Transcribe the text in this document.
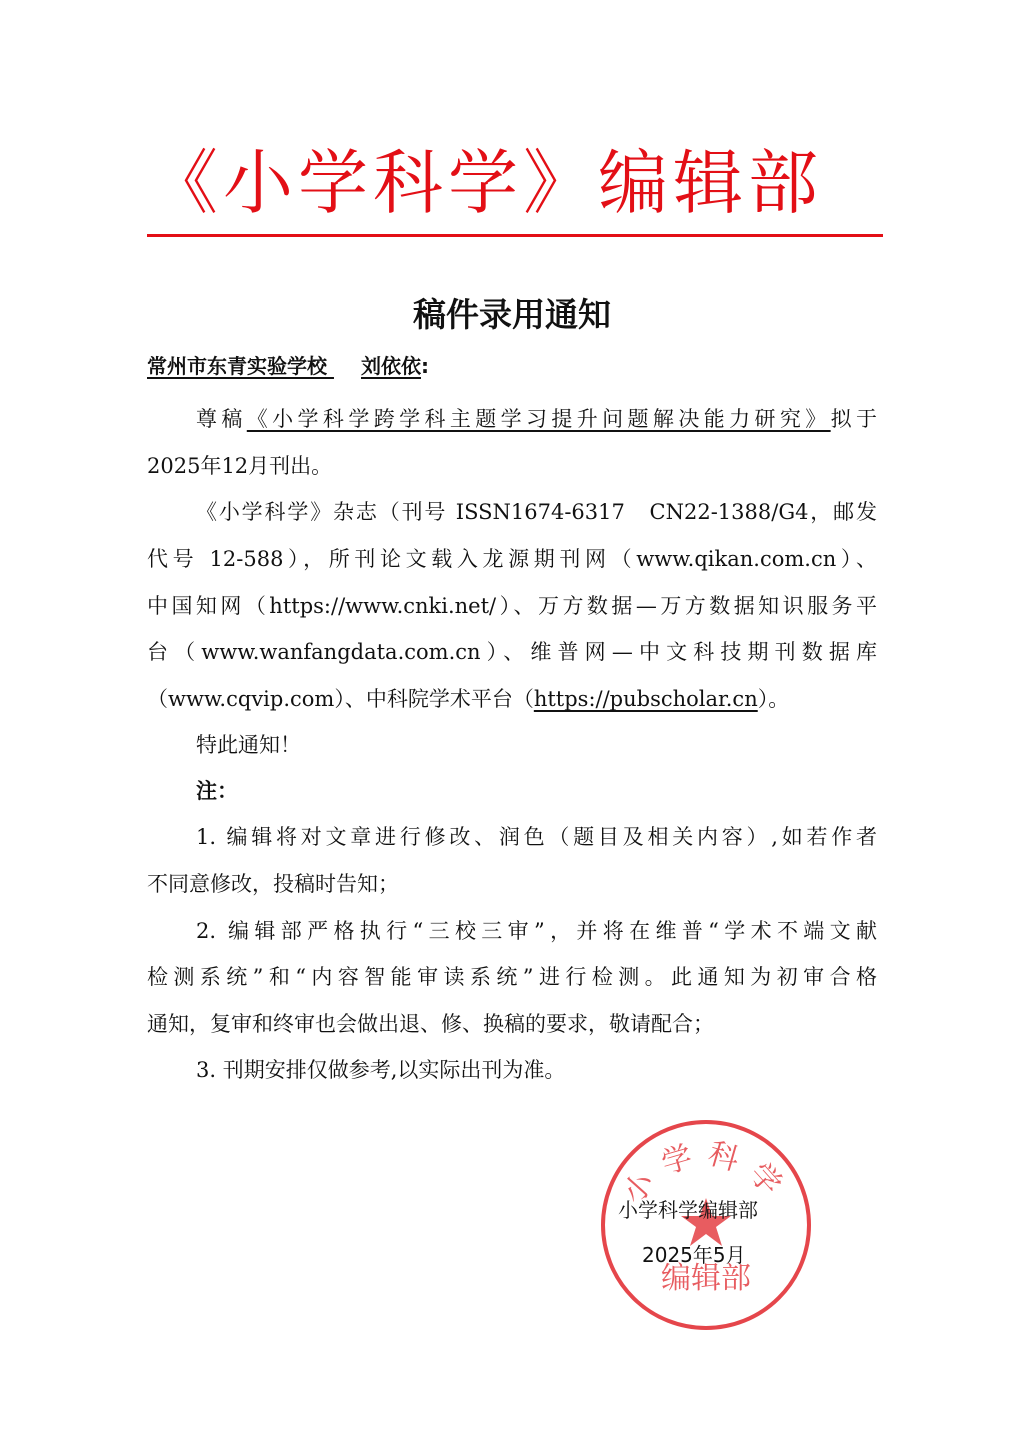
《小学科学》编辑部
稿件录用通知
常州市东青实验学校 刘依依:
尊稿《小学科学跨学科主题学习提升问题解决能力研究》拟于
2025年12月刊出。
《小学科学》杂志（刊号 ISSN1674-6317　CN22-1388/G4，邮发
代号 12-588），所刊论文载入龙源期刊网（www.qikan.com.cn）、
中国知网（https://www.cnki.net/）、万方数据—万方数据知识服务平
台（www.wanfangdata.com.cn）、维普网—中文科技期刊数据库
（www.cqvip.com）、中科院学术平台（https://pubscholar.cn）。
特此通知！
注：
1. 编辑将对文章进行修改、润色（题目及相关内容）,如若作者
不同意修改，投稿时告知；
2. 编辑部严格执行“三校三审”，并将在维普“学术不端文献
检测系统”和“内容智能审读系统”进行检测。此通知为初审合格
通知，复审和终审也会做出退、修、换稿的要求，敬请配合；
3. 刊期安排仅做参考,以实际出刊为准。
小学科学
编辑部
小学科学编辑部
2025年5月
